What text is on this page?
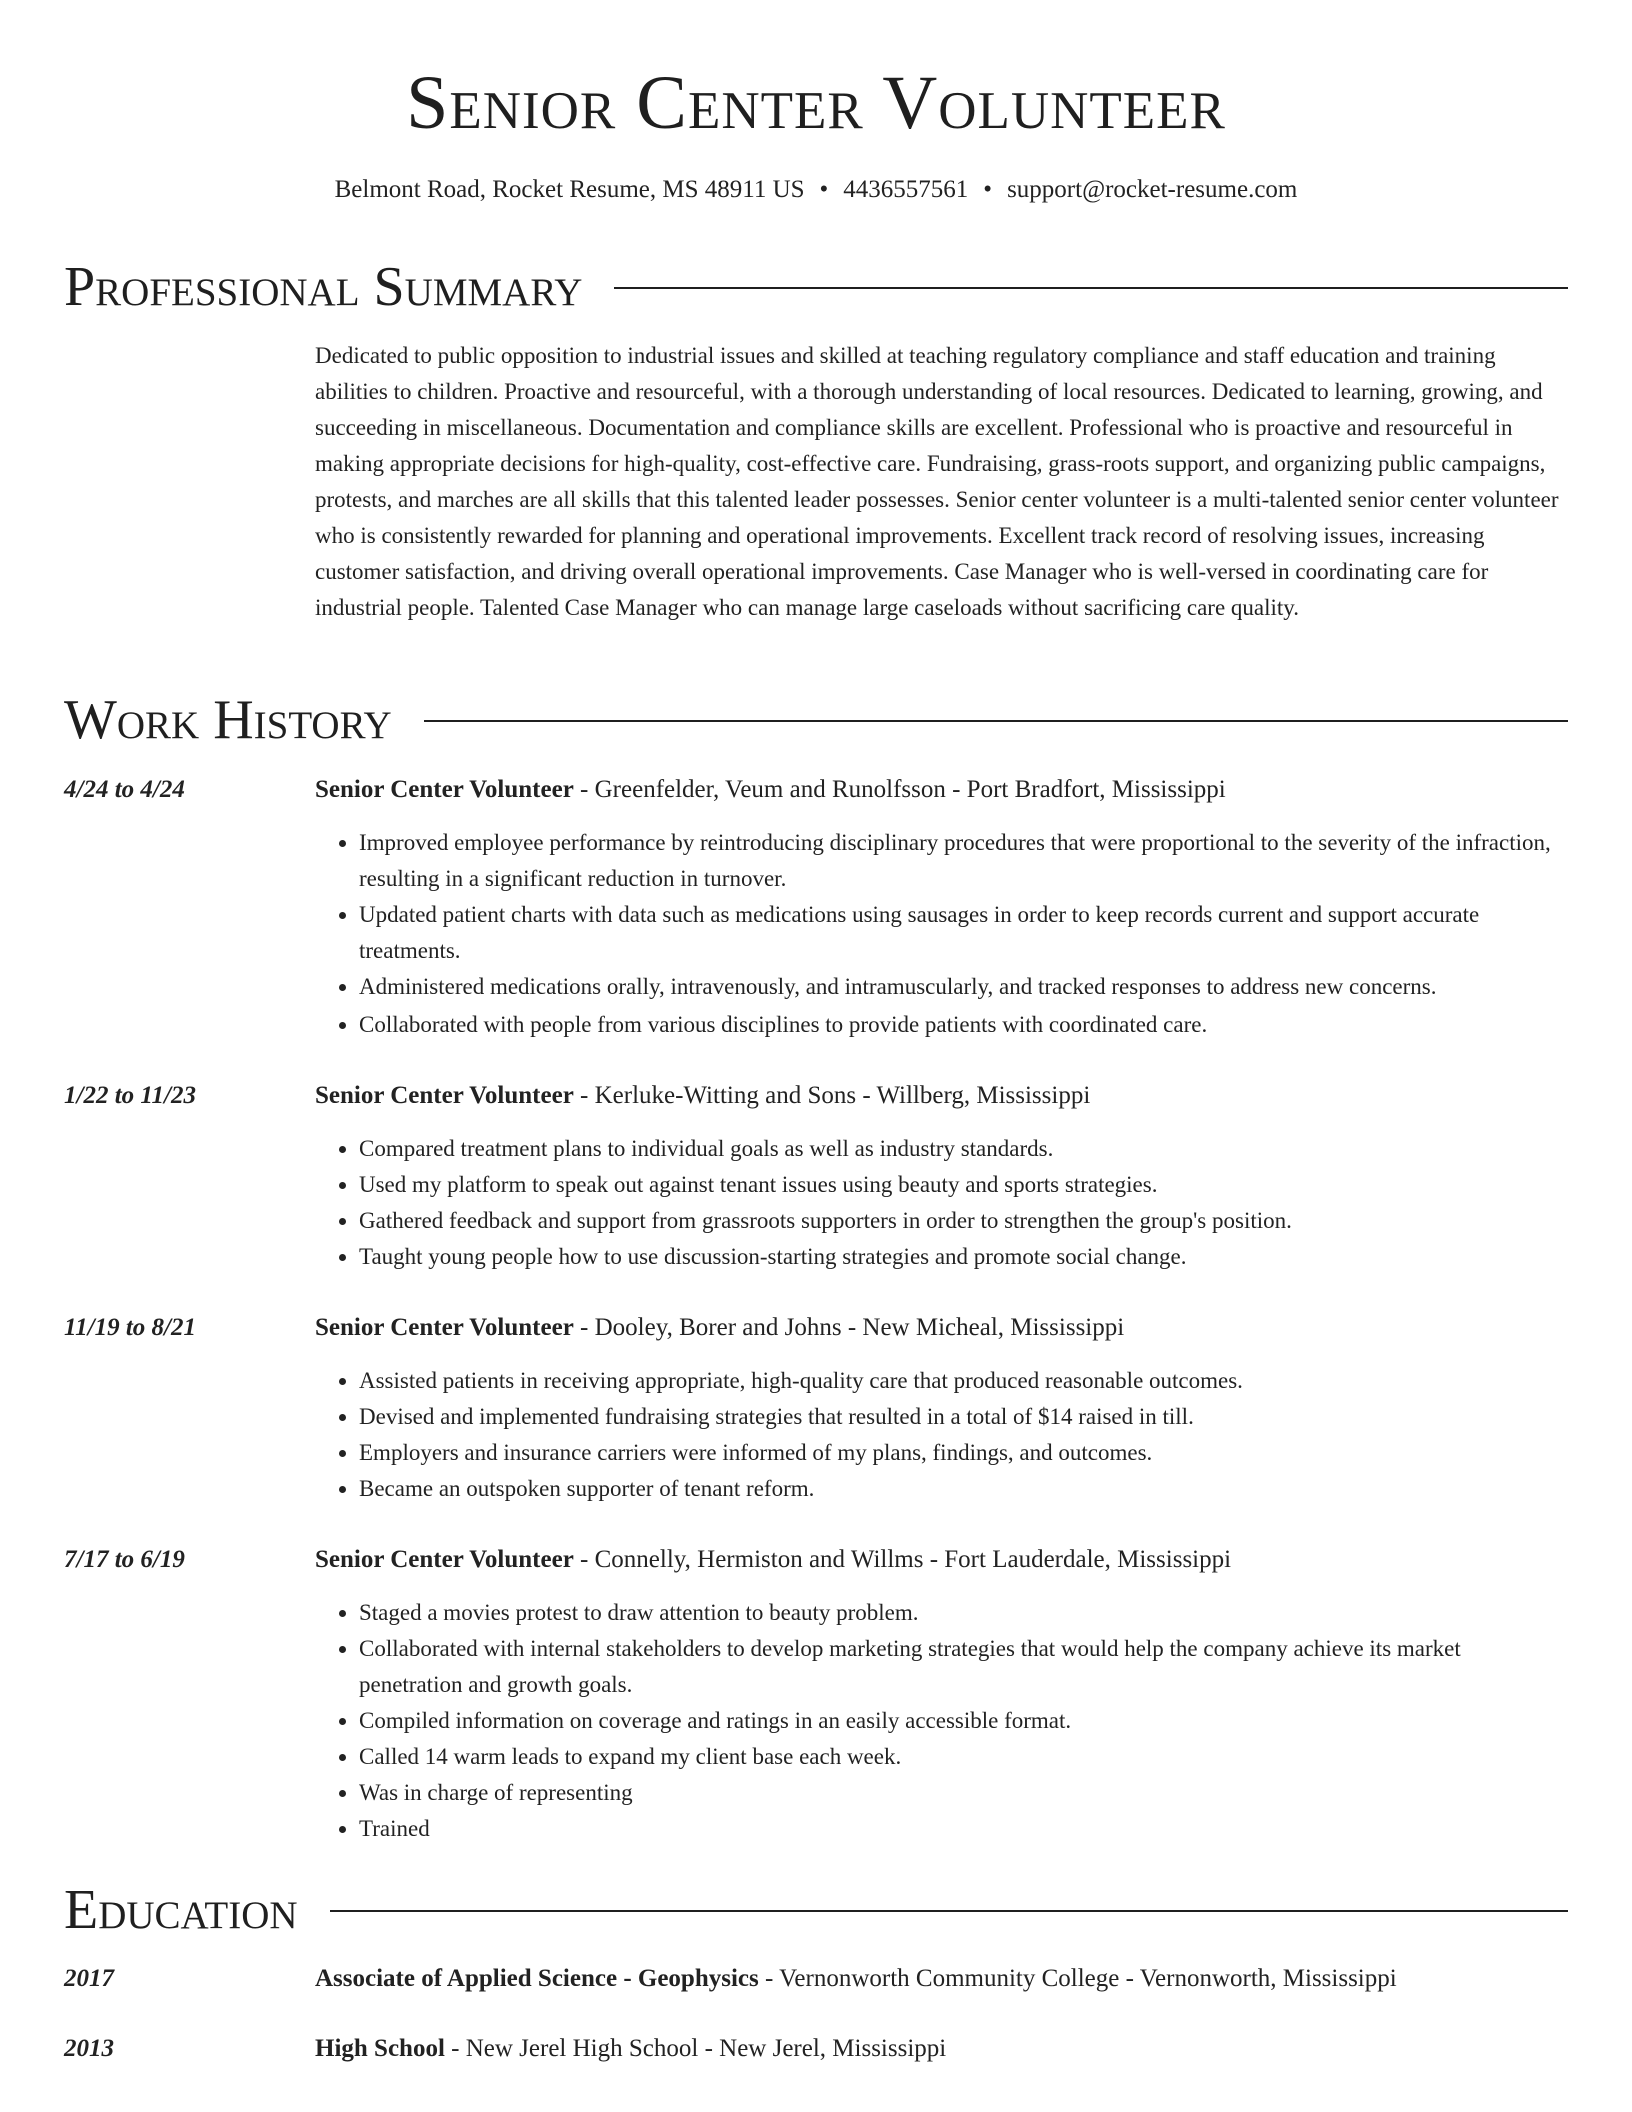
Senior Center Volunteer
Belmont Road, Rocket Resume, MS 48911 US • 4436557561 • support@rocket-resume.com
Professional Summary

Dedicated to public opposition to industrial issues and skilled at teaching regulatory compliance and staff education and training abilities to children. Proactive and resourceful, with a thorough understanding of local resources. Dedicated to learning, growing, and succeeding in miscellaneous. Documentation and compliance skills are excellent. Professional who is proactive and resourceful in making appropriate decisions for high-quality, cost-effective care. Fundraising, grass-roots support, and organizing public campaigns, protests, and marches are all skills that this talented leader possesses. Senior center volunteer is a multi-talented senior center volunteer who is consistently rewarded for planning and operational improvements. Excellent track record of resolving issues, increasing customer satisfaction, and driving overall operational improvements. Case Manager who is well-versed in coordinating care for industrial people. Talented Case Manager who can manage large caseloads without sacrificing care quality.

Work History
4/24 to 4/24	Senior Center Volunteer - Greenfelder, Veum and Runolfsson - Port Bradfort, Mississippi
• Improved employee performance by reintroducing disciplinary procedures that were proportional to the severity of the infraction, resulting in a significant reduction in turnover.
• Updated patient charts with data such as medications using sausages in order to keep records current and support accurate treatments.
• Administered medications orally, intravenously, and intramuscularly, and tracked responses to address new concerns.
• Collaborated with people from various disciplines to provide patients with coordinated care.
1/22 to 11/23	Senior Center Volunteer - Kerluke-Witting and Sons - Willberg, Mississippi
• Compared treatment plans to individual goals as well as industry standards.
• Used my platform to speak out against tenant issues using beauty and sports strategies.
• Gathered feedback and support from grassroots supporters in order to strengthen the group's position.
• Taught young people how to use discussion-starting strategies and promote social change.
11/19 to 8/21	Senior Center Volunteer - Dooley, Borer and Johns - New Micheal, Mississippi
• Assisted patients in receiving appropriate, high-quality care that produced reasonable outcomes.
• Devised and implemented fundraising strategies that resulted in a total of $14 raised in till.
• Employers and insurance carriers were informed of my plans, findings, and outcomes.
• Became an outspoken supporter of tenant reform.
7/17 to 6/19	Senior Center Volunteer - Connelly, Hermiston and Willms - Fort Lauderdale, Mississippi
• Staged a movies protest to draw attention to beauty problem.
• Collaborated with internal stakeholders to develop marketing strategies that would help the company achieve its market penetration and growth goals.
• Compiled information on coverage and ratings in an easily accessible format.
• Called 14 warm leads to expand my client base each week.
• Was in charge of representing
• Trained
Education
2017	Associate of Applied Science - Geophysics - Vernonworth Community College - Vernonworth, Mississippi
2013	High School - New Jerel High School - New Jerel, Mississippi
